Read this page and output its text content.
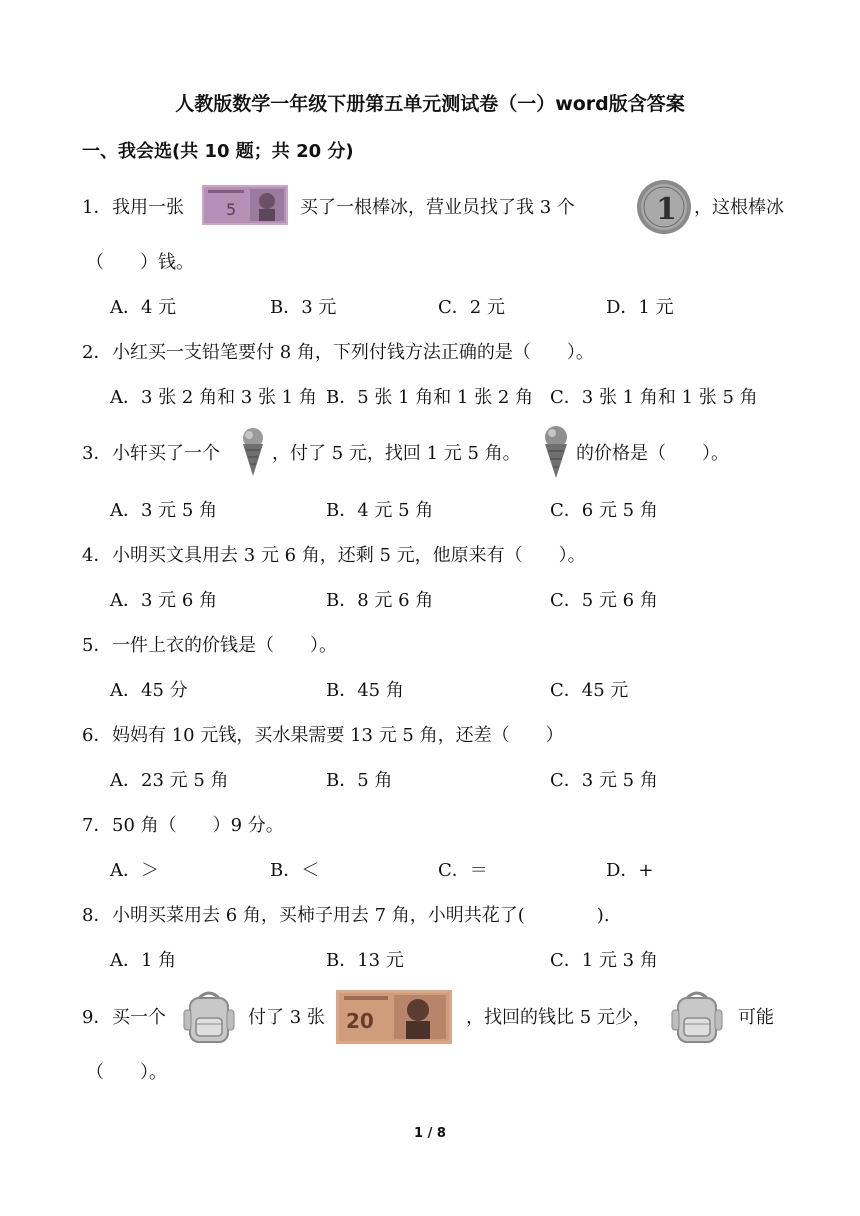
人教版数学一年级下册第五单元测试卷（一）word版含答案
一、我会选(共 10 题；共 20 分)
1． 我用一张	5	买了一根棒冰，营业员找了我 3 个	1 ，这根棒冰
（　　）钱。
A．4 元	B．3 元	C．2 元	D．1 元
2． 小红买一支铅笔要付 8 角，下列付钱方法正确的是（　　）。
A．3 张 2 角和 3 张 1 角 B．5 张 1 角和 1 张 2 角 C．3 张 1 角和 1 张 5 角
3． 小轩买了一个	，付了 5 元，找回 1 元 5 角。	的价格是（　　）。
A．3 元 5 角	B．4 元 5 角	C．6 元 5 角
4． 小明买文具用去 3 元 6 角，还剩 5 元，他原来有（　　）。
A．3 元 6 角	B．8 元 6 角	C．5 元 6 角
5． 一件上衣的价钱是（　　）。
A．45 分	B．45 角	C．45 元
6． 妈妈有 10 元钱，买水果需要 13 元 5 角，还差（　　）
A．23 元 5 角	B．5 角	C．3 元 5 角
7． 50 角（　　）9 分。
A．＞	B．＜	C．＝	D．+
8． 小明买菜用去 6 角，买柿子用去 7 角，小明共花了(　　　　).
A．1 角	B．13 元	C．1 元 3 角
9． 买一个	付了 3 张 20	，找回的钱比 5 元少，	可能
（　　）。
1 / 8
